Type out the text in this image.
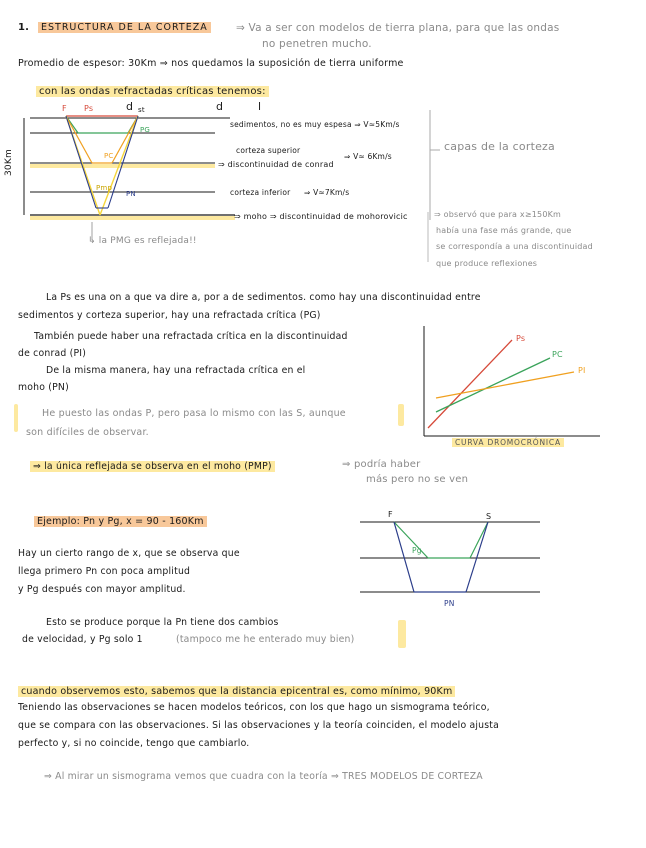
1.	ESTRUCTURA DE LA CORTEZA	⇒ Va a ser con modelos de tierra plana, para que las ondas
no penetren mucho.
Promedio de espesor: 30Km ⇒ nos quedamos la suposición de tierra uniforme
con las ondas refractadas críticas tenemos:
F Ps	d st	d	l
PG
PC
Pmp
PN
30Km
sedimentos, no es muy espesa ⇒ V≈5Km/s
corteza superior
⇒ discontinuidad de conrad
⇒ V≈ 6Km/s
corteza inferior ⇒ V≈7Km/s
⇒ moho ⇒ discontinuidad de mohorovicic
↳ la PMG es reflejada!!
capas de la corteza
⇒ observó que para x≥150Km
había una fase más grande, que
se correspondía a una discontinuidad
que produce reflexiones
La Ps es una on a que va dire a, por a de sedimentos. como hay una discontinuidad entre
sedimentos y corteza superior, hay una refractada crítica (PG)
También puede haber una refractada crítica en la discontinuidad
de conrad (PI)
De la misma manera, hay una refractada crítica en el
moho (PN)
Ps
PC
PI
CURVA DROMOCRÓNICA
He puesto las ondas P, pero pasa lo mismo con las S, aunque
son difíciles de observar.
⇒ la única reflejada se observa en el moho (PMP)	⇒ podría haber
más pero no se ven
Ejemplo: Pn y Pg, x = 90 - 160Km
Hay un cierto rango de x, que se observa que
llega primero Pn con poca amplitud
y Pg después con mayor amplitud.
Esto se produce porque la Pn tiene dos cambios
de velocidad, y Pg solo 1	(tampoco me he enterado muy bien)
F	S
Pg
PN
cuando observemos esto, sabemos que la distancia epicentral es, como mínimo, 90Km
Teniendo las observaciones se hacen modelos teóricos, con los que hago un sismograma teórico,
que se compara con las observaciones. Si las observaciones y la teoría coinciden, el modelo ajusta
perfecto y, si no coincide, tengo que cambiarlo.
⇒ Al mirar un sismograma vemos que cuadra con la teoría ⇒ TRES MODELOS DE CORTEZA
